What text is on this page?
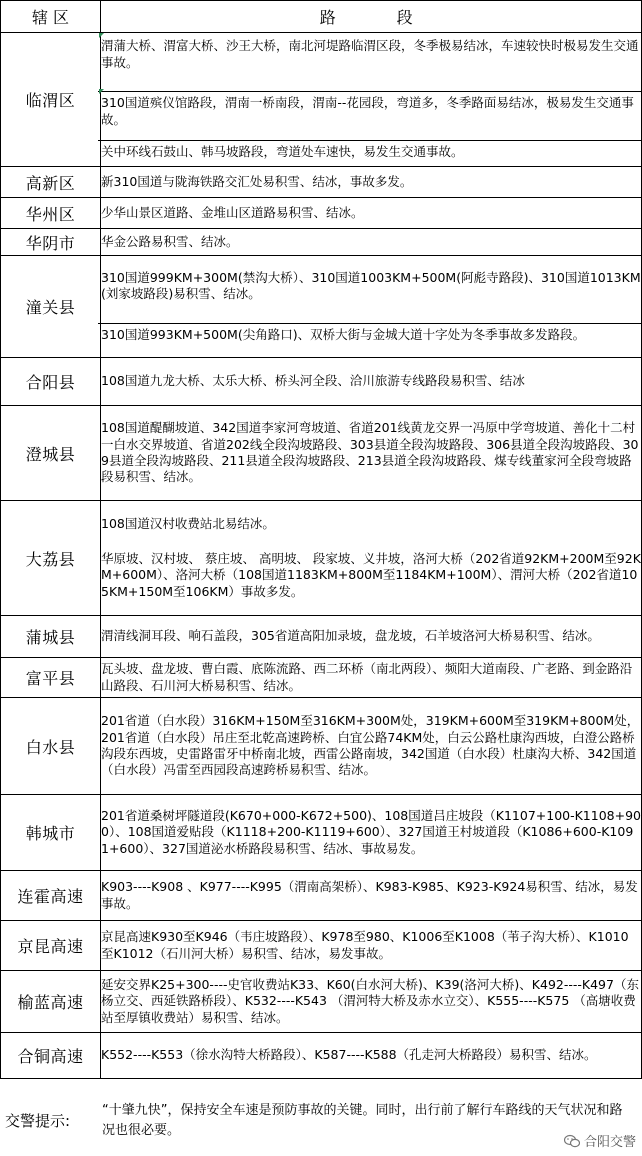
辖 区	路　　段
临渭区	渭蒲大桥、渭富大桥、沙王大桥，南北河堤路临渭区段，冬季极易结冰，车速较快时极易发生交通事故。
310国道殡仪馆路段，渭南一桥南段，渭南--花园段，弯道多，冬季路面易结冰，极易发生交通事故。
关中环线石鼓山、韩马坡路段，弯道处车速快，易发生交通事故。

高新区	新310国道与陇海铁路交汇处易积雪、结冰，事故多发。
华州区	少华山景区道路、金堆山区道路易积雪、结冰。
华阴市	华金公路易积雪、结冰。
潼关县	310国道999KM+300M(禁沟大桥）、310国道1003KM+500M(阿彪寺路段)、310国道1013KM(刘家坡路段)易积雪、结冰。
310国道993KM+500M(尖角路口)、双桥大街与金城大道十字处为冬季事故多发路段。

合阳县	108国道九龙大桥、太乐大桥、桥头河全段、洽川旅游专线路段易积雪、结冰
澄城县	108国道醍醐坡道、342国道李家河弯坡道、省道201线黄龙交界一冯原中学弯坡道、善化十二村一白水交界坡道、省道202线全段沟坡路段、303县道全段沟坡路段、306县道全段沟坡路段、309县道全段沟坡路段、211县道全段沟坡路段、213县道全段沟坡路段、煤专线董家河全段弯坡路段易积雪、结冰。
大荔县	108国道汉村收费站北易结冰。
华原坡、汉村坡、 蔡庄坡、 高明坡、 段家坡、义井坡，洛河大桥（202省道92KM+200M至92KM+600M）、洛河大桥（108国道1183KM+800M至1184KM+100M）、渭河大桥（202省道105KM+150M至106KM）事故多发。

蒲城县	渭清线洞耳段、响石盖段，305省道高阳加录坡，盘龙坡，石羊坡洛河大桥易积雪、结冰。
富平县	瓦头坡、盘龙坡、曹白霞、底陈流路、西二环桥（南北两段）、频阳大道南段、广老路、到金路沿山路段、石川河大桥易积雪、结冰。
白水县	201省道（白水段）316KM+150M至316KM+300M处，319KM+600M至319KM+800M处，201省道（白水段）吊庄至北乾高速跨桥、白宜公路74KM处，白云公路杜康沟西坡，白澄公路桥沟段东西坡，史雷路雷牙中桥南北坡，西雷公路南坡，342国道（白水段）杜康沟大桥、342国道（白水段）冯雷至西园段高速跨桥易积雪、结冰。
韩城市	201省道桑树坪隧道段(K670+000-K672+500)、108国道吕庄坡段（K1107+100-K1108+900）、108国道爱贴段（K1118+200-K1119+600）、327国道王村坡道段（K1086+600-K1091+600）、327国道泌水桥路段易积雪、结冰、事故易发。
连霍高速	K903----K908 、K977----K995（渭南高架桥）、K983-K985、K923-K924易积雪、结冰，易发事故。
京昆高速	京昆高速K930至K946（韦庄坡路段）、K978至980、K1006至K1008（苇子沟大桥）、K1010至K1012（石川河大桥）易积雪、结冰，易发事故。
榆蓝高速	延安交界K25+300----史官收费站K33、K60(白水河大桥)、K39(洛河大桥)、K492----K497（东杨立交、西延铁路桥段）、K532----K543 （渭河特大桥及赤水立交）、K555----K575 （高塘收费站至厚镇收费站）易积雪、结冰。
合铜高速	K552----K553（徐水沟特大桥路段）、K587----K588（孔走河大桥路段）易积雪、结冰。
交警提示:
“十肇九快”，保持安全车速是预防事故的关键。同时，出行前了解行车路线的天气状况和路况也很必要。
合阳交警
